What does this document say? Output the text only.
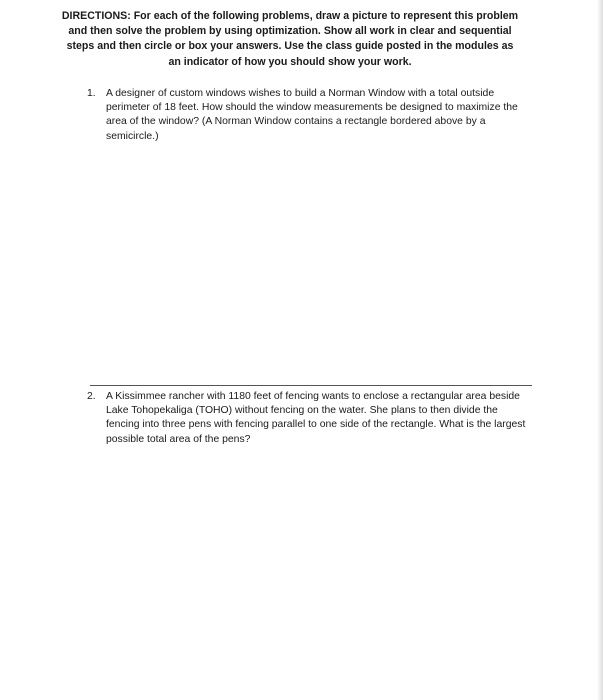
DIRECTIONS: For each of the following problems, draw a picture to represent this problem and then solve the problem by using optimization. Show all work in clear and sequential steps and then circle or box your answers. Use the class guide posted in the modules as an indicator of how you should show your work.
1. A designer of custom windows wishes to build a Norman Window with a total outside perimeter of 18 feet. How should the window measurements be designed to maximize the area of the window? (A Norman Window contains a rectangle bordered above by a semicircle.)
2. A Kissimmee rancher with 1180 feet of fencing wants to enclose a rectangular area beside Lake Tohopekaliga (TOHO) without fencing on the water. She plans to then divide the fencing into three pens with fencing parallel to one side of the rectangle. What is the largest possible total area of the pens?
